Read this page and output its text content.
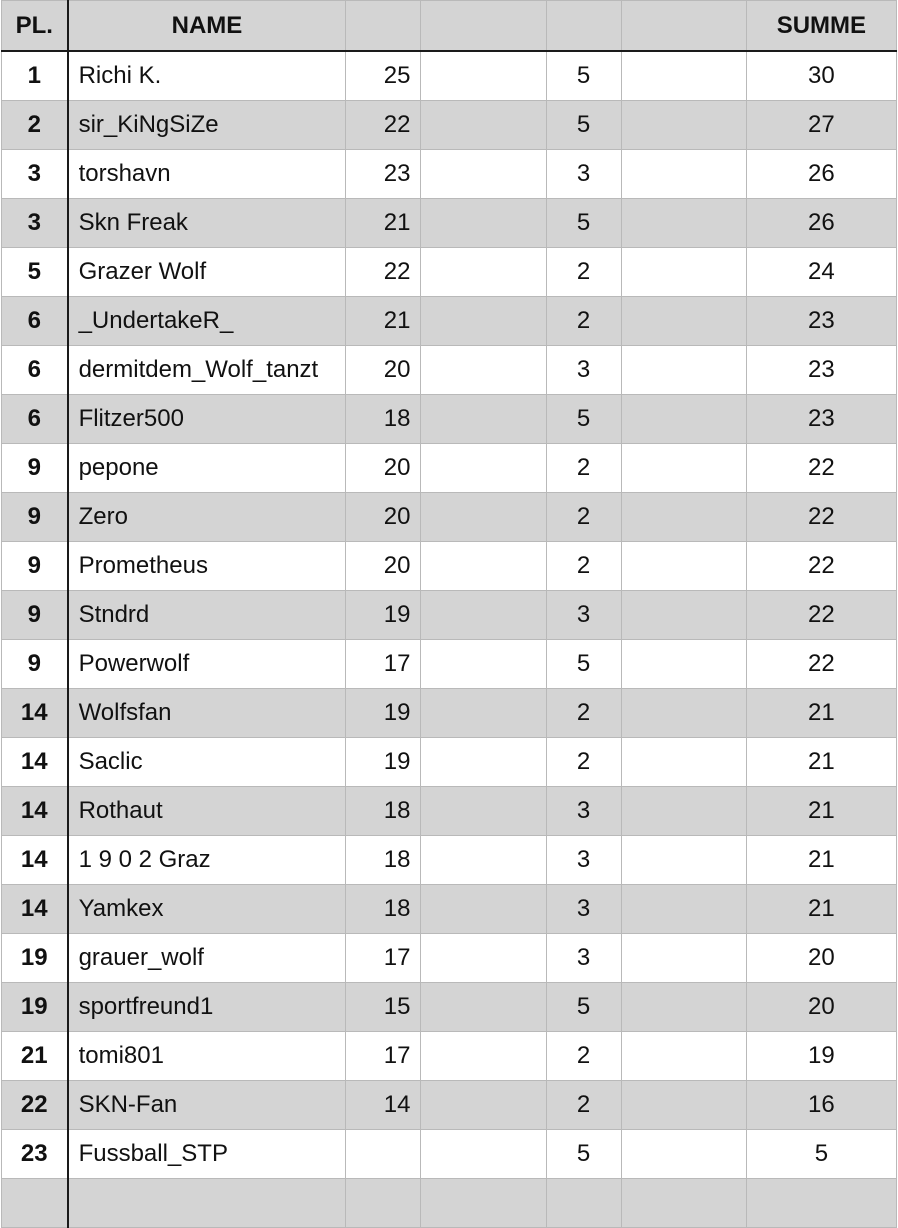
PL.	NAME					SUMME
1	Richi K.	25		5		30
2	sir_KiNgSiZe	22		5		27
3	torshavn	23		3		26
3	Skn Freak	21		5		26
5	Grazer Wolf	22		2		24
6	_UndertakeR_	21		2		23
6	dermitdem_Wolf_tanzt	20		3		23
6	Flitzer500	18		5		23
9	pepone	20		2		22
9	Zero	20		2		22
9	Prometheus	20		2		22
9	Stndrd	19		3		22
9	Powerwolf	17		5		22
14	Wolfsfan	19		2		21
14	Saclic	19		2		21
14	Rothaut	18		3		21
14	1 9 0 2 Graz	18		3		21
14	Yamkex	18		3		21
19	grauer_wolf	17		3		20
19	sportfreund1	15		5		20
21	tomi801	17		2		19
22	SKN-Fan	14		2		16
23	Fussball_STP			5		5
